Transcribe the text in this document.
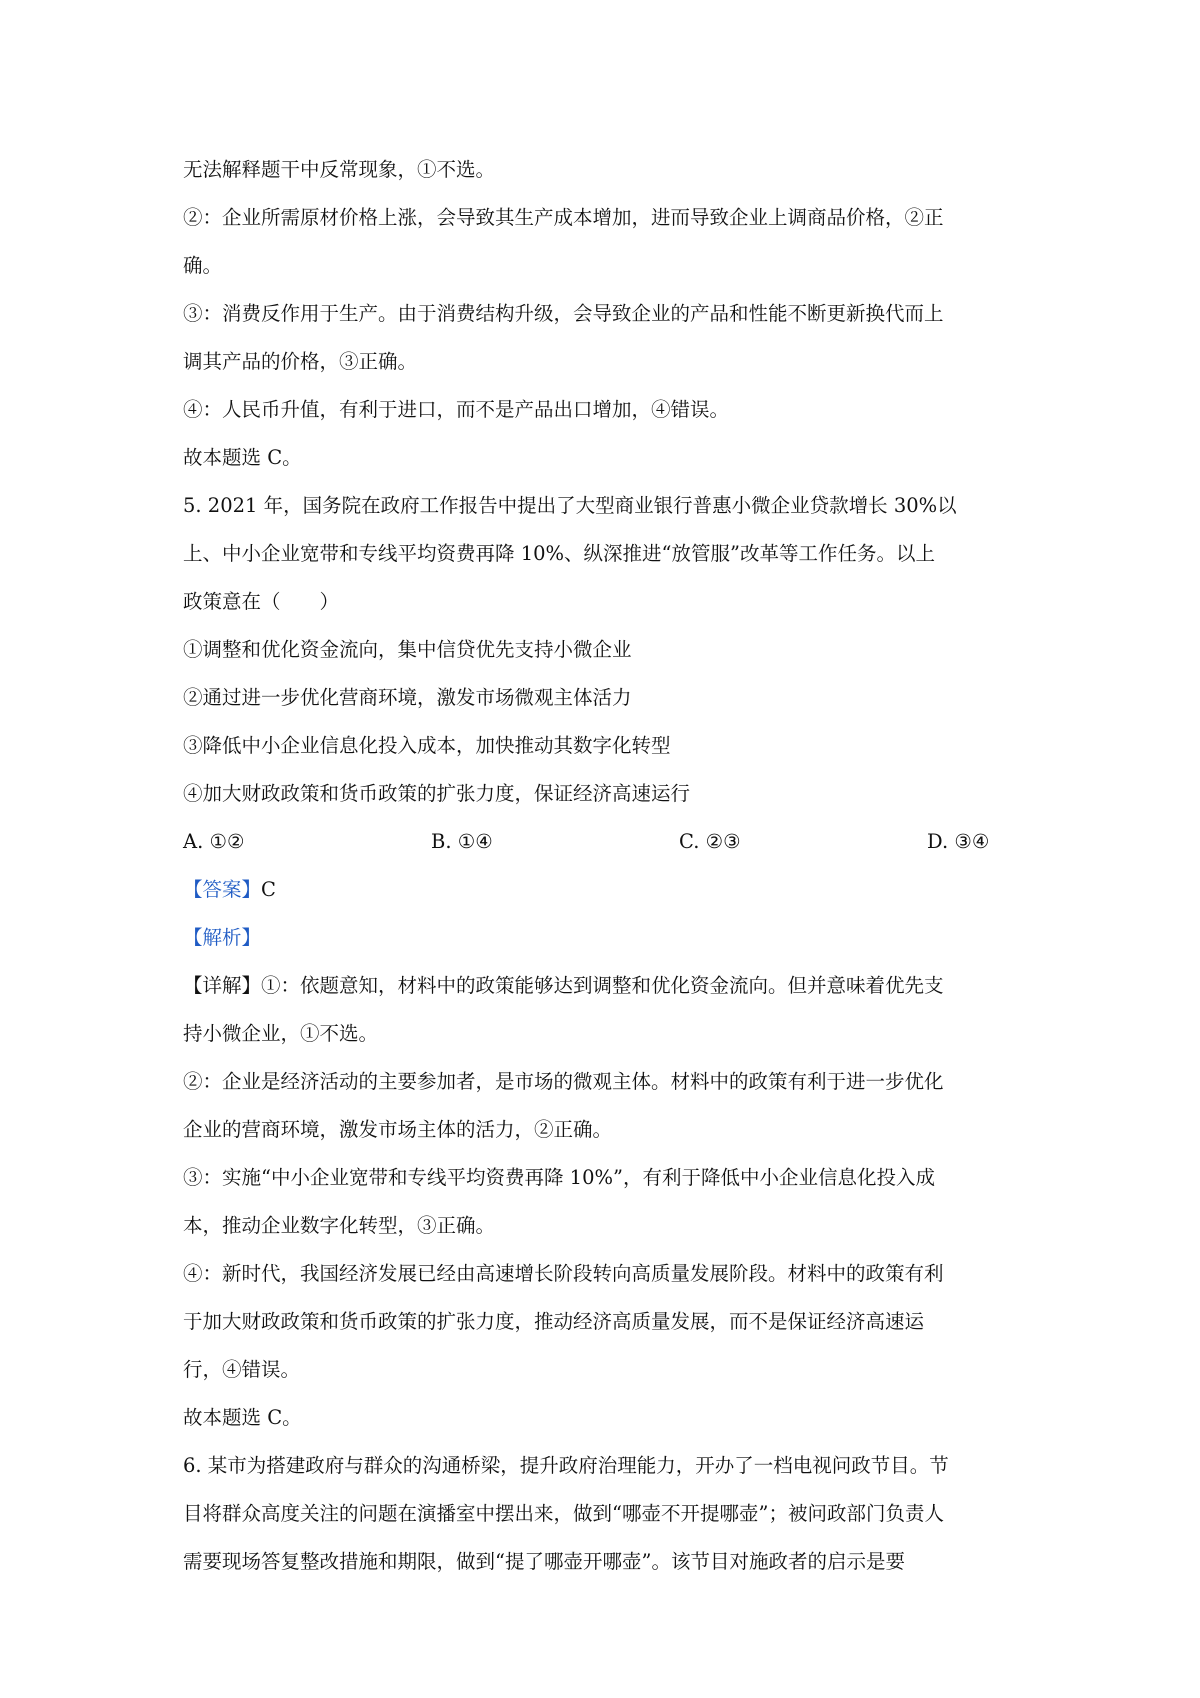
无法解释题干中反常现象，①不选。
②：企业所需原材价格上涨，会导致其生产成本增加，进而导致企业上调商品价格，②正
确。
③：消费反作用于生产。由于消费结构升级，会导致企业的产品和性能不断更新换代而上
调其产品的价格，③正确。
④：人民币升值，有利于进口，而不是产品出口增加，④错误。
故本题选 C。
5. 2021 年，国务院在政府工作报告中提出了大型商业银行普惠小微企业贷款增长 30%以
上、中小企业宽带和专线平均资费再降 10%、纵深推进“放管服”改革等工作任务。以上
政策意在（　　）
①调整和优化资金流向，集中信贷优先支持小微企业
②通过进一步优化营商环境，激发市场微观主体活力
③降低中小企业信息化投入成本，加快推动其数字化转型
④加大财政政策和货币政策的扩张力度，保证经济高速运行
A. ①②	B. ①④	C. ②③	D. ③④
【答案】C
【解析】
【详解】①：依题意知，材料中的政策能够达到调整和优化资金流向。但并意味着优先支
持小微企业，①不选。
②：企业是经济活动的主要参加者，是市场的微观主体。材料中的政策有利于进一步优化
企业的营商环境，激发市场主体的活力，②正确。
③：实施“中小企业宽带和专线平均资费再降 10%”，有利于降低中小企业信息化投入成
本，推动企业数字化转型，③正确。
④：新时代，我国经济发展已经由高速增长阶段转向高质量发展阶段。材料中的政策有利
于加大财政政策和货币政策的扩张力度，推动经济高质量发展，而不是保证经济高速运
行，④错误。
故本题选 C。
6. 某市为搭建政府与群众的沟通桥梁，提升政府治理能力，开办了一档电视问政节目。节
目将群众高度关注的问题在演播室中摆出来，做到“哪壶不开提哪壶”；被问政部门负责人
需要现场答复整改措施和期限，做到“提了哪壶开哪壶”。该节目对施政者的启示是要
